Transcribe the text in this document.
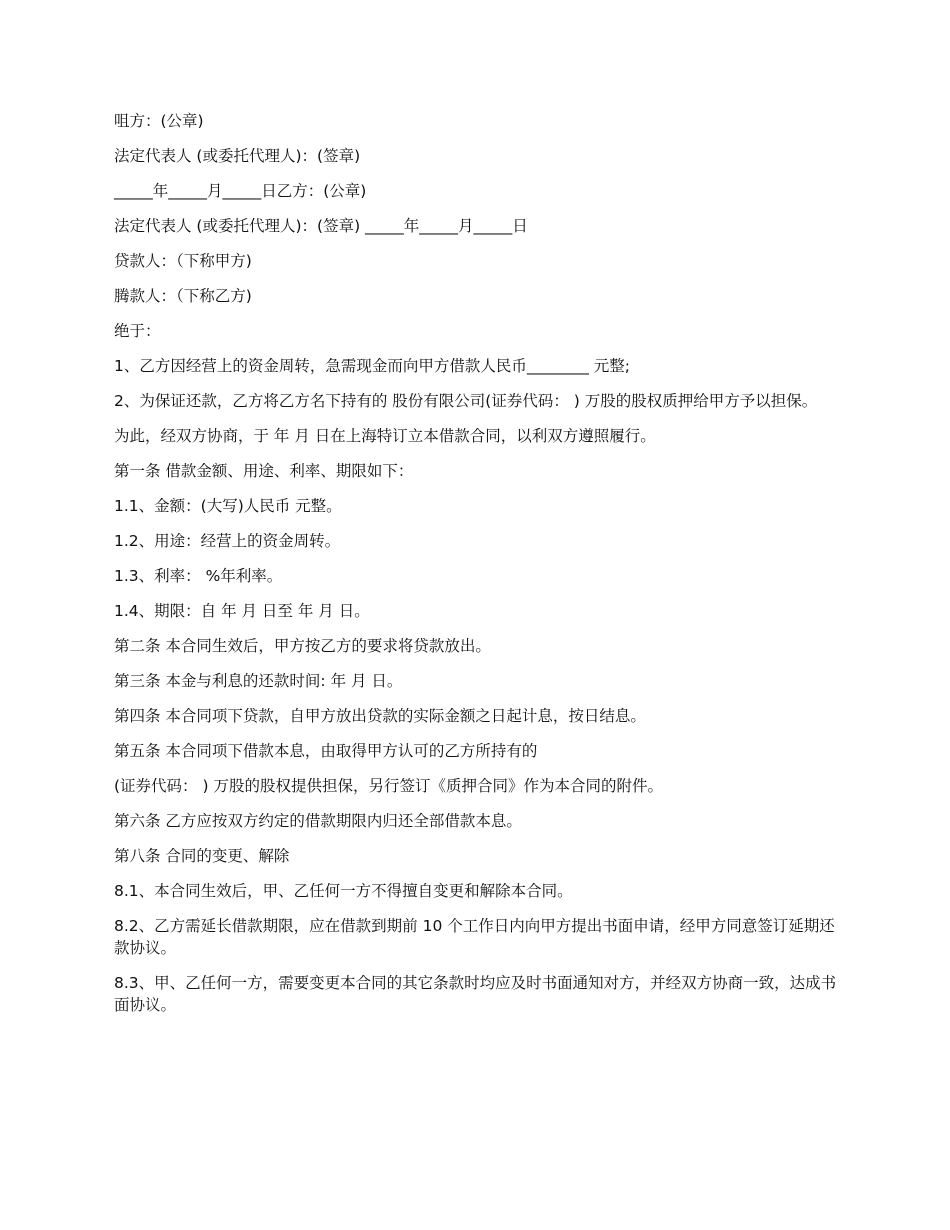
咀方：(公章)

法定代表人 (或委托代理人)：(签章)

_____年_____月_____日乙方：(公章)

法定代表人 (或委托代理人)：(签章) _____年_____月_____日

贷款人：（下称甲方)

腾款人：（下称乙方)

绝于：

1、乙方因经营上的资金周转，急需现金而向甲方借款人民币________ 元整;

2、为保证还款，乙方将乙方名下持有的 股份有限公司(证券代码： ) 万股的股权质押给甲方予以担保。

为此，经双方协商，于 年 月 日在上海特订立本借款合同，以利双方遵照履行。

第一条 借款金额、用途、利率、期限如下：

1.1、金额：(大写)人民币 元整。

1.2、用途：经营上的资金周转。

1.3、利率： %年利率。

1.4、期限：自 年 月 日至 年 月 日。

第二条 本合同生效后，甲方按乙方的要求将贷款放出。

第三条 本金与利息的还款时间: 年 月 日。

第四条 本合同项下贷款，自甲方放出贷款的实际金额之日起计息，按日结息。

第五条 本合同项下借款本息，由取得甲方认可的乙方所持有的

(证券代码： ) 万股的股权提供担保，另行签订《质押合同》作为本合同的附件。

第六条 乙方应按双方约定的借款期限内归还全部借款本息。

第八条 合同的变更、解除

8.1、本合同生效后，甲、乙任何一方不得擅自变更和解除本合同。

8.2、乙方需延长借款期限，应在借款到期前 10 个工作日内向甲方提出书面申请，经甲方同意签订延期还款协议。

8.3、甲、乙任何一方，需要变更本合同的其它条款时均应及时书面通知对方，并经双方协商一致，达成书面协议。
